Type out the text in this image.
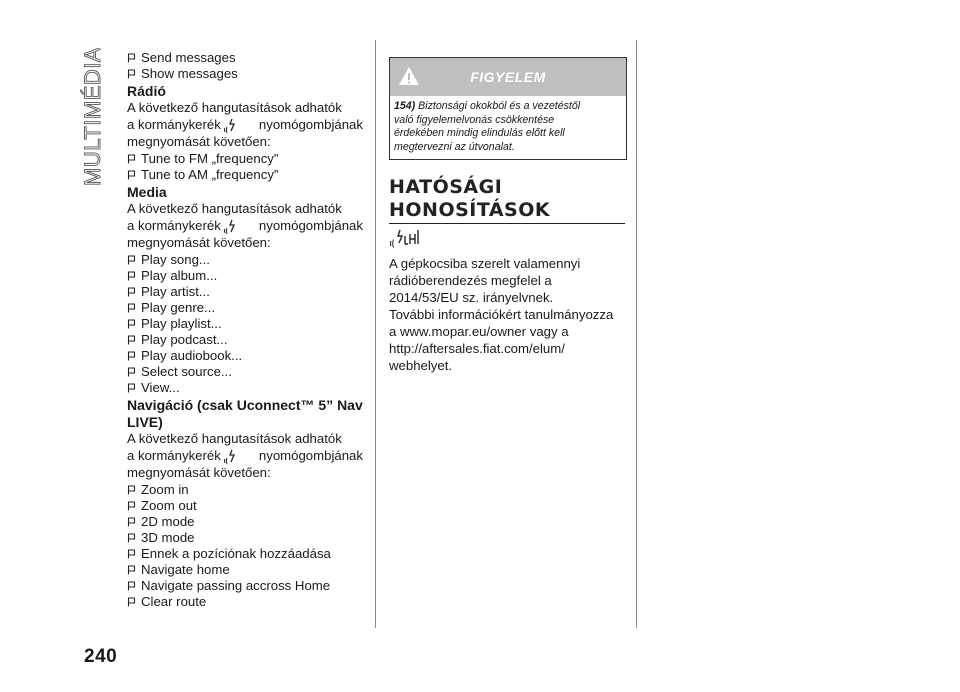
MULTIMÉDIA
240
Send messages
Show messages
Rádió
A következő hangutasítások adhatók
a kormánykerék	nyomógombjának
megnyomását követően:
Tune to FM „frequency”
Tune to AM „frequency”
Media
A következő hangutasítások adhatók
a kormánykerék	nyomógombjának
megnyomását követően:
Play song...
Play album...
Play artist...
Play genre...
Play playlist...
Play podcast...
Play audiobook...
Select source...
View...
Navigáció (csak Uconnect™ 5” Nav
LIVE)
A következő hangutasítások adhatók
a kormánykerék	nyomógombjának
megnyomását követően:
Zoom in
Zoom out
2D mode
3D mode
Ennek a pozíciónak hozzáadása
Navigate home
Navigate passing accross Home
Clear route
FIGYELEM
154) Biztonsági okokból és a vezetéstől
való figyelemelvonás csökkentése
érdekében mindig elindulás előtt kell
megtervezni az útvonalat.
HATÓSÁGI
HONOSÍTÁSOK
A gépkocsiba szerelt valamennyi
rádióberendezés megfelel a
2014/53/EU sz. irányelvnek.
További információkért tanulmányozza
a www.mopar.eu/owner vagy a
http://aftersales.fiat.com/elum/
webhelyet.
